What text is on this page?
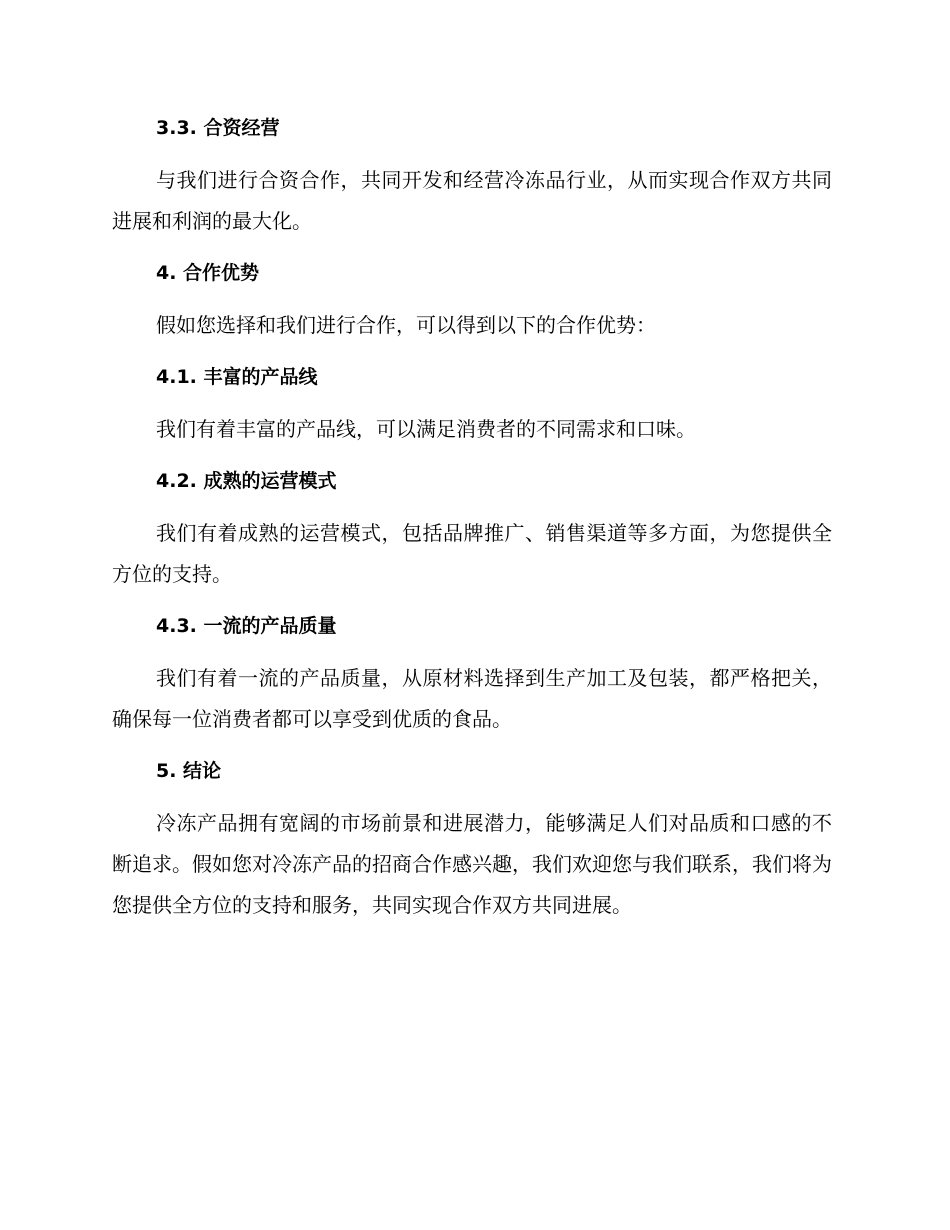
3.3. 合资经营

与我们进行合资合作，共同开发和经营冷冻品行业，从而实现合作双方共同进展和利润的最大化。

4. 合作优势

假如您选择和我们进行合作，可以得到以下的合作优势：

4.1. 丰富的产品线

我们有着丰富的产品线，可以满足消费者的不同需求和口味。

4.2. 成熟的运营模式

我们有着成熟的运营模式，包括品牌推广、销售渠道等多方面，为您提供全方位的支持。

4.3. 一流的产品质量

我们有着一流的产品质量，从原材料选择到生产加工及包装，都严格把关，确保每一位消费者都可以享受到优质的食品。

5. 结论

冷冻产品拥有宽阔的市场前景和进展潜力，能够满足人们对品质和口感的不断追求。假如您对冷冻产品的招商合作感兴趣，我们欢迎您与我们联系，我们将为您提供全方位的支持和服务，共同实现合作双方共同进展。
